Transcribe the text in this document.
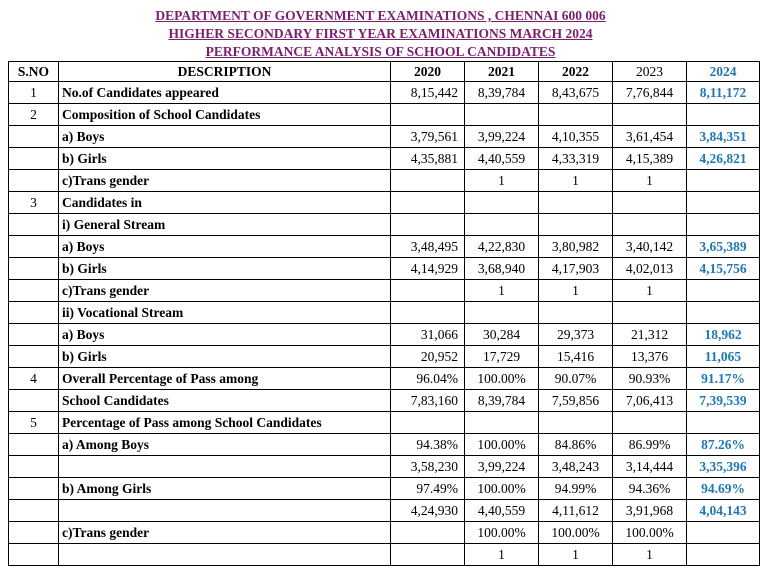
DEPARTMENT OF GOVERNMENT EXAMINATIONS , CHENNAI 600 006
HIGHER SECONDARY FIRST YEAR EXAMINATIONS MARCH 2024
PERFORMANCE ANALYSIS OF SCHOOL CANDIDATES
S.NO	DESCRIPTION	2020	2021	2022	2023	2024
1	No.of Candidates appeared	8,15,442	8,39,784	8,43,675	7,76,844	8,11,172
2	Composition of School Candidates					
	a) Boys	3,79,561	3,99,224	4,10,355	3,61,454	3,84,351
	b) Girls	4,35,881	4,40,559	4,33,319	4,15,389	4,26,821
	c)Trans gender		1	1	1	
3	Candidates in					
	i) General Stream					
	a) Boys	3,48,495	4,22,830	3,80,982	3,40,142	3,65,389
	b) Girls	4,14,929	3,68,940	4,17,903	4,02,013	4,15,756
	c)Trans gender		1	1	1	
	ii) Vocational Stream					
	a) Boys	31,066	30,284	29,373	21,312	18,962
	b) Girls	20,952	17,729	15,416	13,376	11,065
4	Overall Percentage of Pass among	96.04%	100.00%	90.07%	90.93%	91.17%
	School Candidates	7,83,160	8,39,784	7,59,856	7,06,413	7,39,539
5	Percentage of Pass among School Candidates					
	a) Among Boys	94.38%	100.00%	84.86%	86.99%	87.26%
		3,58,230	3,99,224	3,48,243	3,14,444	3,35,396
	b) Among Girls	97.49%	100.00%	94.99%	94.36%	94.69%
		4,24,930	4,40,559	4,11,612	3,91,968	4,04,143
	c)Trans gender		100.00%	100.00%	100.00%	
			1	1	1	
